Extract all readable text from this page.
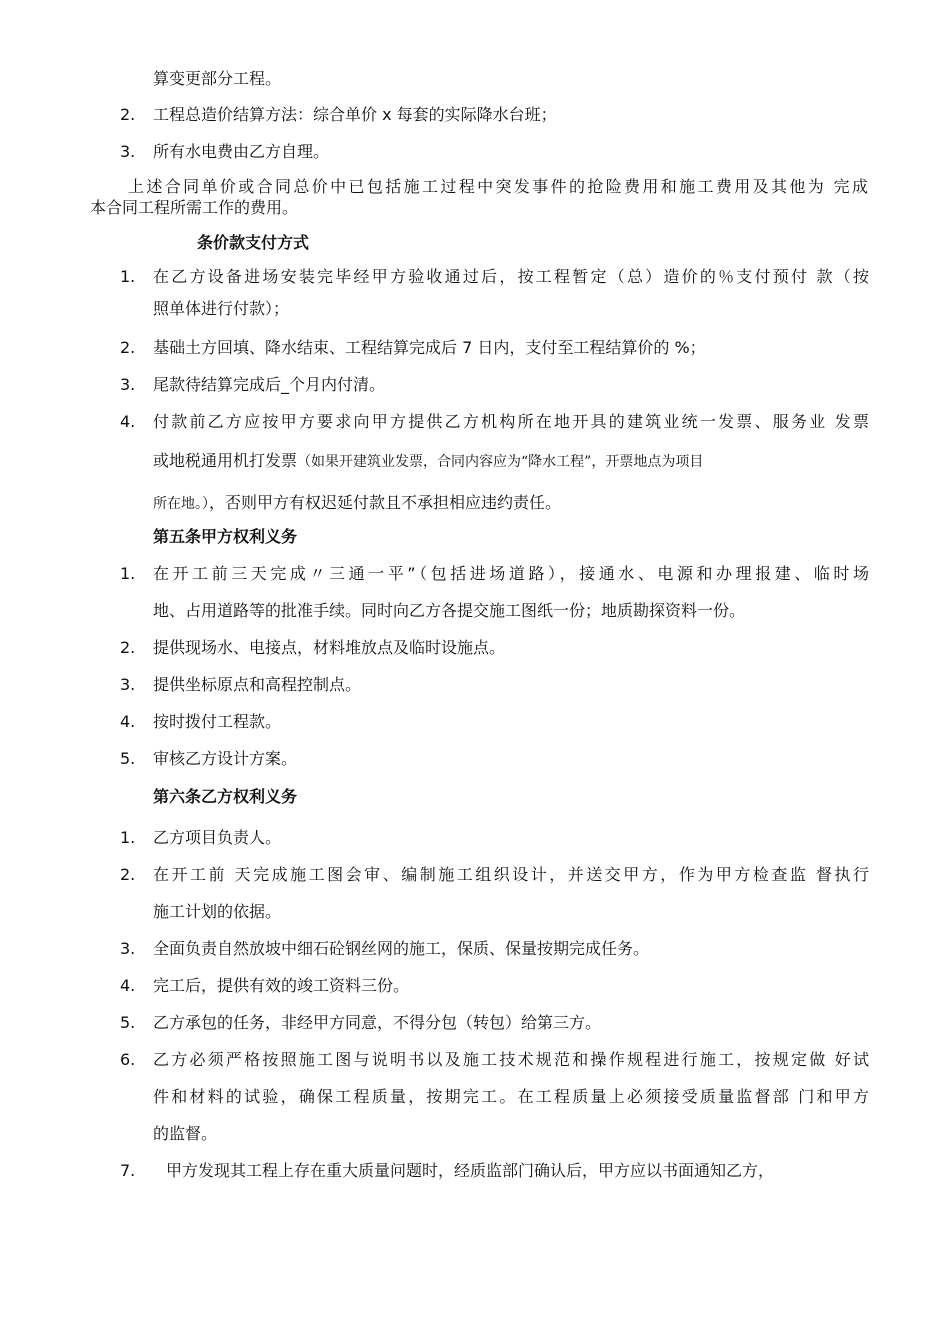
算变更部分工程。
2. 工程总造价结算方法：综合单价 x 每套的实际降水台班；
3. 所有水电费由乙方自理。
上述合同单价或合同总价中已包括施工过程中突发事件的抢险费用和施工费用及其他为 完成
本合同工程所需工作的费用。
条价款支付方式
1. 在乙方设备进场安装完毕经甲方验收通过后，按工程暂定（总）造价的％支付预付 款（按
照单体进行付款）；
2. 基础土方回填、降水结束、工程结算完成后 7 日内，支付至工程结算价的 %；
3. 尾款待结算完成后_个月内付清。
4. 付款前乙方应按甲方要求向甲方提供乙方机构所在地开具的建筑业统一发票、服务业 发票
或地税通用机打发票（如果开建筑业发票，合同内容应为“降水工程”，开票地点为项目
所在地。），否则甲方有权迟延付款且不承担相应违约责任。
第五条甲方权利义务
1. 在开工前三天完成〃三通一平”（包括进场道路），接通水、电源和办理报建、临时场
地、占用道路等的批准手续。同时向乙方各提交施工图纸一份；地质勘探资料一份。
2. 提供现场水、电接点，材料堆放点及临时设施点。
3. 提供坐标原点和高程控制点。
4. 按时拨付工程款。
5. 审核乙方设计方案。
第六条乙方权利义务
1. 乙方项目负责人。
2. 在开工前 天完成施工图会审、编制施工组织设计，并送交甲方，作为甲方检查监 督执行
施工计划的依据。
3. 全面负责自然放坡中细石砼钢丝网的施工，保质、保量按期完成任务。
4. 完工后，提供有效的竣工资料三份。
5. 乙方承包的任务，非经甲方同意，不得分包（转包）给第三方。
6. 乙方必须严格按照施工图与说明书以及施工技术规范和操作规程进行施工，按规定做 好试
件和材料的试验，确保工程质量，按期完工。在工程质量上必须接受质量监督部 门和甲方
的监督。
7. 甲方发现其工程上存在重大质量问题时，经质监部门确认后，甲方应以书面通知乙方，
